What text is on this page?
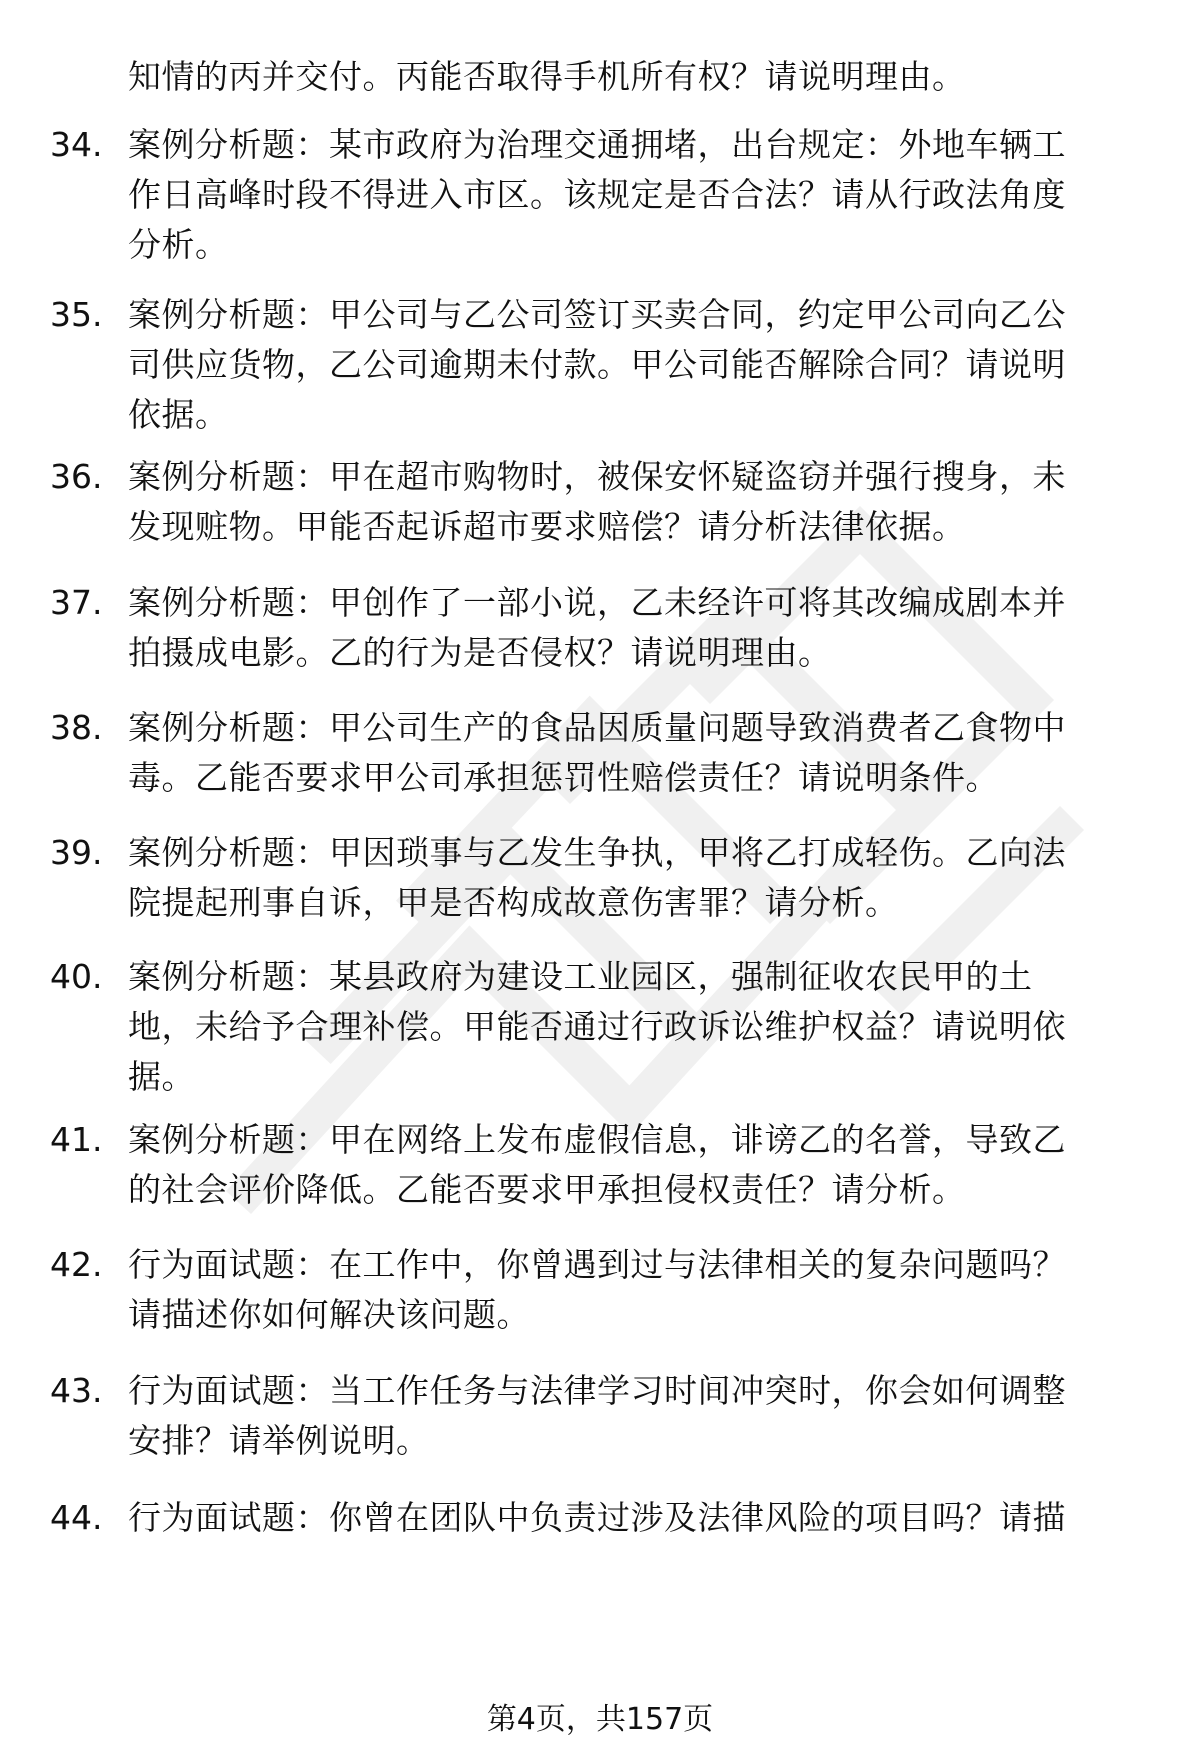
知情的丙并交付。丙能否取得手机所有权？请说明理由。
34. 案例分析题：某市政府为治理交通拥堵，出台规定：外地车辆工
作日高峰时段不得进入市区。该规定是否合法？请从行政法角度
分析。
35. 案例分析题：甲公司与乙公司签订买卖合同，约定甲公司向乙公
司供应货物，乙公司逾期未付款。甲公司能否解除合同？请说明
依据。
36. 案例分析题：甲在超市购物时，被保安怀疑盗窃并强行搜身，未
发现赃物。甲能否起诉超市要求赔偿？请分析法律依据。
37. 案例分析题：甲创作了一部小说，乙未经许可将其改编成剧本并
拍摄成电影。乙的行为是否侵权？请说明理由。
38. 案例分析题：甲公司生产的食品因质量问题导致消费者乙食物中
毒。乙能否要求甲公司承担惩罚性赔偿责任？请说明条件。
39. 案例分析题：甲因琐事与乙发生争执，甲将乙打成轻伤。乙向法
院提起刑事自诉，甲是否构成故意伤害罪？请分析。
40. 案例分析题：某县政府为建设工业园区，强制征收农民甲的土
地，未给予合理补偿。甲能否通过行政诉讼维护权益？请说明依
据。
41. 案例分析题：甲在网络上发布虚假信息，诽谤乙的名誉，导致乙
的社会评价降低。乙能否要求甲承担侵权责任？请分析。
42. 行为面试题：在工作中，你曾遇到过与法律相关的复杂问题吗？
请描述你如何解决该问题。
43. 行为面试题：当工作任务与法律学习时间冲突时，你会如何调整
安排？请举例说明。
44. 行为面试题：你曾在团队中负责过涉及法律风险的项目吗？请描
第4页，共157页
